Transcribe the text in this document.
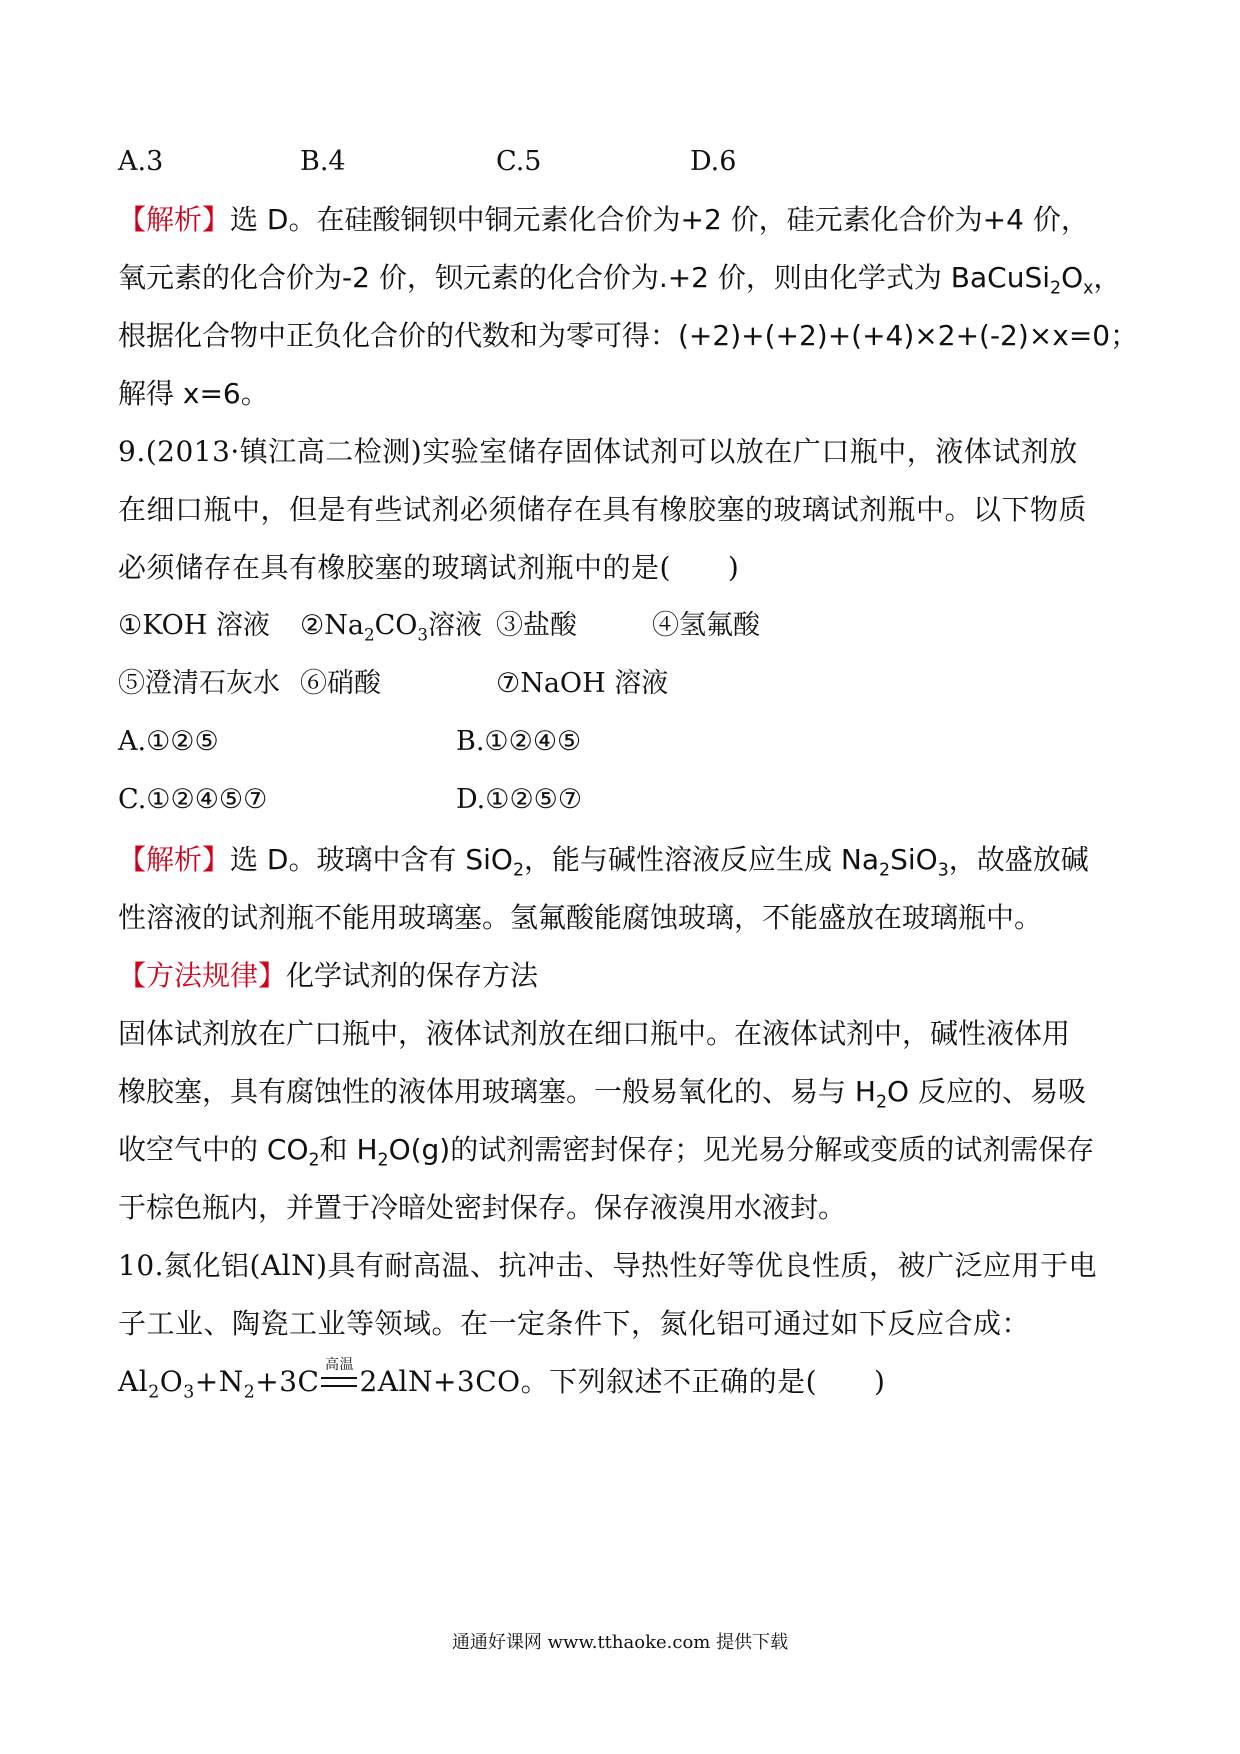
A.3	B.4	C.5	D.6
【解析】选 D。在硅酸铜钡中铜元素化合价为+2 价，硅元素化合价为+4 价，
氧元素的化合价为-2 价，钡元素的化合价为.+2 价，则由化学式为 $BaCuSi_2O_x$，
根据化合物中正负化合价的代数和为零可得：(+2)+(+2)+(+4)×2+(-2)×x=0；
解得 x=6。
9.(2013·镇江高二检测)实验室储存固体试剂可以放在广口瓶中，液体试剂放
在细口瓶中，但是有些试剂必须储存在具有橡胶塞的玻璃试剂瓶中。以下物质
必须储存在具有橡胶塞的玻璃试剂瓶中的是(　　)
①KOH 溶液 $②Na_2CO_3$溶液 ③盐酸	④氢氟酸
⑤澄清石灰水 ⑥硝酸	⑦NaOH 溶液
A.①②⑤	B.①②④⑤
C.①②④⑤⑦	D.①②⑤⑦
【解析】选 D。玻璃中含有 SiO$_2$，能与碱性溶液反应生成 $Na_2SiO_3$，故盛放碱
性溶液的试剂瓶不能用玻璃塞。氢氟酸能腐蚀玻璃，不能盛放在玻璃瓶中。
【方法规律】化学试剂的保存方法
固体试剂放在广口瓶中，液体试剂放在细口瓶中。在液体试剂中，碱性液体用
橡胶塞，具有腐蚀性的液体用玻璃塞。一般易氧化的、易与 $H_2O$ 反应的、易吸
收空气中的 $CO_2$和 $H_2O(g)$的试剂需密封保存；见光易分解或变质的试剂需保存
于棕色瓶内，并置于冷暗处密封保存。保存液溴用水液封。
10.氮化铝(AlN)具有耐高温、抗冲击、导热性好等优良性质，被广泛应用于电
子工业、陶瓷工业等领域。在一定条件下，氮化铝可通过如下反应合成：
$Al_2O_3+N_2+3C$ 高温 2AlN+3CO。下列叙述不正确的是(　　)
通通好课网 www.tthaoke.com 提供下载
